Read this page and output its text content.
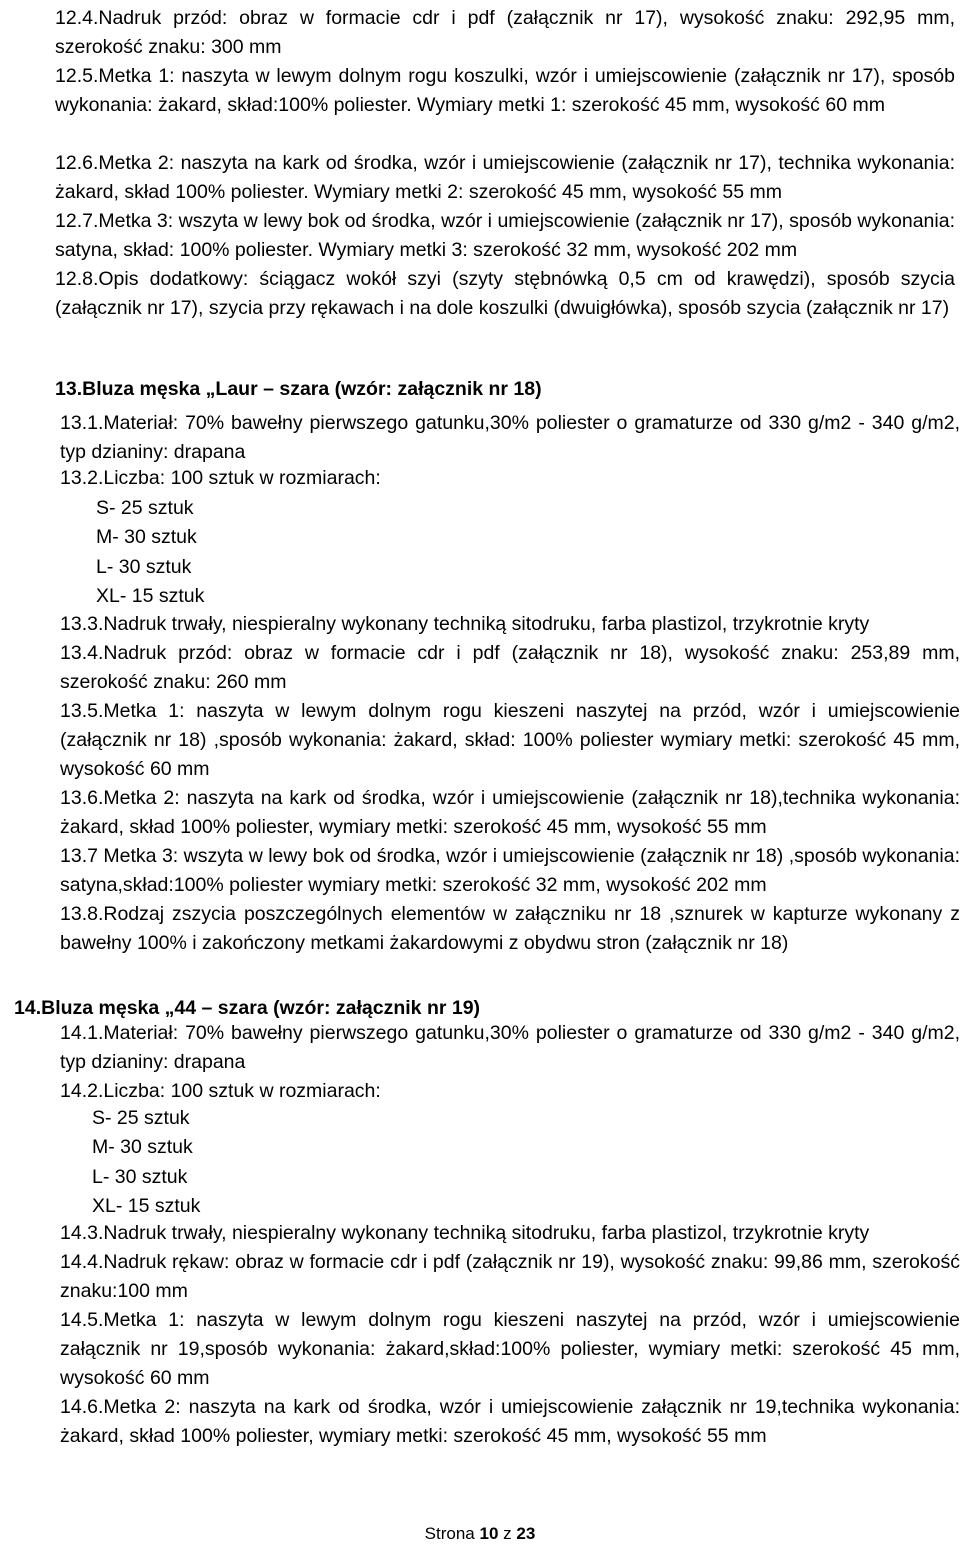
12.4.Nadruk przód: obraz w formacie cdr i pdf (załącznik nr 17), wysokość znaku: 292,95 mm, szerokość znaku: 300 mm
12.5.Metka 1: naszyta w lewym dolnym rogu koszulki, wzór i umiejscowienie (załącznik nr 17), sposób wykonania: żakard, skład:100% poliester. Wymiary metki 1: szerokość 45 mm, wysokość 60 mm
12.6.Metka 2: naszyta na kark od środka, wzór i umiejscowienie (załącznik nr 17), technika wykonania: żakard, skład 100% poliester. Wymiary metki 2: szerokość 45 mm, wysokość 55 mm
12.7.Metka 3: wszyta w lewy bok od środka, wzór i umiejscowienie (załącznik nr 17), sposób wykonania: satyna, skład: 100% poliester. Wymiary metki 3: szerokość 32 mm, wysokość 202 mm
12.8.Opis dodatkowy: ściągacz wokół szyi (szyty stębnówką 0,5 cm od krawędzi), sposób szycia (załącznik nr 17), szycia przy rękawach i na dole koszulki (dwuigłówka), sposób szycia (załącznik nr 17)
13.Bluza męska „Laur – szara (wzór: załącznik nr 18)
13.1.Materiał: 70% bawełny pierwszego gatunku,30% poliester o gramaturze od 330 g/m2 - 340 g/m2, typ dzianiny: drapana
13.2.Liczba: 100 sztuk w rozmiarach:
S- 25 sztuk
M- 30 sztuk
L- 30 sztuk
XL- 15 sztuk
13.3.Nadruk trwały, niespieralny wykonany techniką sitodruku, farba plastizol, trzykrotnie kryty
13.4.Nadruk przód: obraz w formacie cdr i pdf (załącznik nr 18), wysokość znaku: 253,89 mm, szerokość znaku: 260 mm
13.5.Metka 1: naszyta w lewym dolnym rogu kieszeni naszytej na przód, wzór i umiejscowienie (załącznik nr 18) ,sposób wykonania: żakard, skład: 100% poliester wymiary metki: szerokość 45 mm, wysokość 60 mm
13.6.Metka 2: naszyta na kark od środka, wzór i umiejscowienie (załącznik nr 18),technika wykonania: żakard, skład 100% poliester, wymiary metki: szerokość 45 mm, wysokość 55 mm
13.7 Metka 3: wszyta w lewy bok od środka, wzór i umiejscowienie (załącznik nr 18) ,sposób wykonania: satyna,skład:100% poliester wymiary metki: szerokość 32 mm, wysokość 202 mm
13.8.Rodzaj zszycia poszczególnych elementów w załączniku nr 18 ,sznurek w kapturze wykonany z bawełny 100% i zakończony metkami żakardowymi z obydwu stron (załącznik nr 18)
14.Bluza męska „44 – szara (wzór: załącznik nr 19)
14.1.Materiał: 70% bawełny pierwszego gatunku,30% poliester o gramaturze od 330 g/m2 - 340 g/m2, typ dzianiny: drapana
14.2.Liczba: 100 sztuk w rozmiarach:
S- 25 sztuk
M- 30 sztuk
L- 30 sztuk
XL- 15 sztuk
14.3.Nadruk trwały, niespieralny wykonany techniką sitodruku, farba plastizol, trzykrotnie kryty
14.4.Nadruk rękaw: obraz w formacie cdr i pdf (załącznik nr 19), wysokość znaku: 99,86 mm, szerokość znaku:100 mm
14.5.Metka 1: naszyta w lewym dolnym rogu kieszeni naszytej na przód, wzór i umiejscowienie załącznik nr 19,sposób wykonania: żakard,skład:100% poliester, wymiary metki: szerokość 45 mm, wysokość 60 mm
14.6.Metka 2: naszyta na kark od środka, wzór i umiejscowienie załącznik nr 19,technika wykonania: żakard, skład 100% poliester, wymiary metki: szerokość 45 mm, wysokość 55 mm
Strona 10 z 23
